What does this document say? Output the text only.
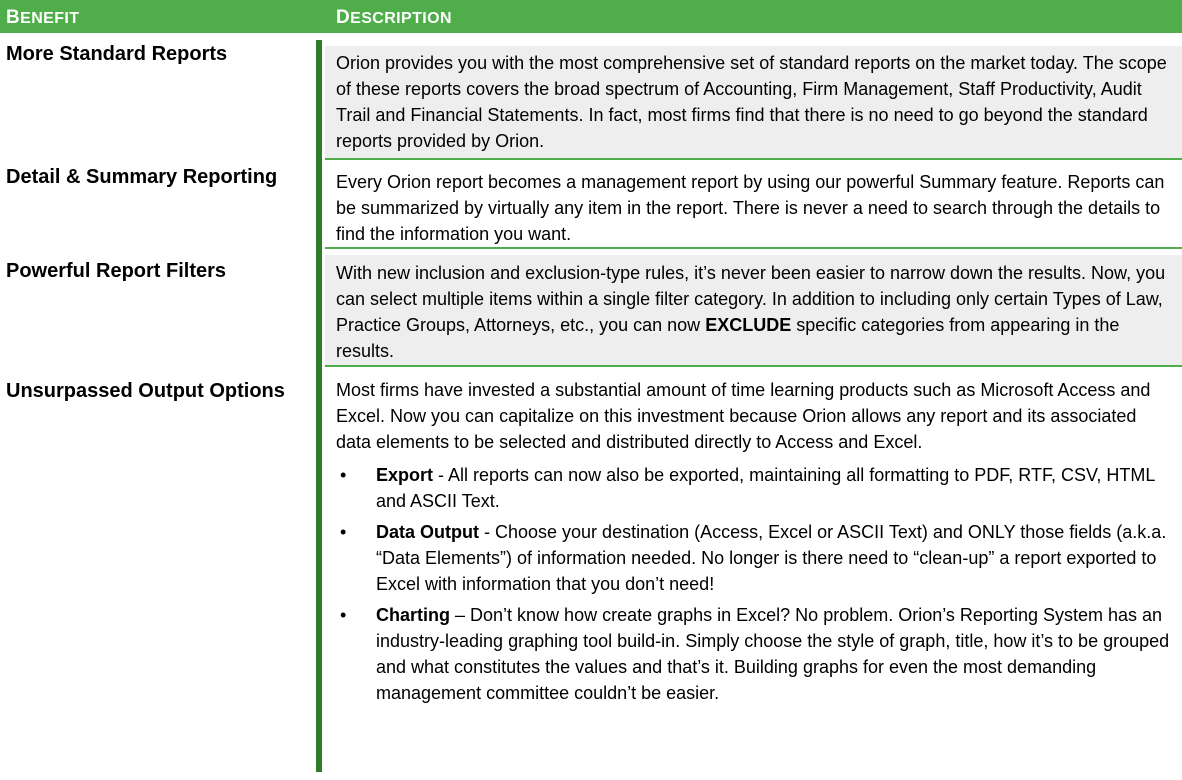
BENEFIT	DESCRIPTION
More Standard Reports	Orion provides you with the most comprehensive set of standard reports on the market today. The scope of these reports covers the broad spectrum of Accounting, Firm Management, Staff Productivity, Audit Trail and Financial Statements. In fact, most firms find that there is no need to go beyond the standard reports provided by Orion.
Detail & Summary Reporting	Every Orion report becomes a management report by using our powerful Summary feature. Reports can be summarized by virtually any item in the report. There is never a need to search through the details to find the information you want.
Powerful Report Filters	With new inclusion and exclusion-type rules, it’s never been easier to narrow down the results. Now, you can select multiple items within a single filter category. In addition to including only certain Types of Law, Practice Groups, Attorneys, etc., you can now EXCLUDE specific categories from appearing in the results.
Unsurpassed Output Options	Most firms have invested a substantial amount of time learning products such as Microsoft Access and Excel. Now you can capitalize on this investment because Orion allows any report and its associated data elements to be selected and distributed directly to Access and Excel.
• Export - All reports can now also be exported, maintaining all formatting to PDF, RTF, CSV, HTML and ASCII Text.
• Data Output - Choose your destination (Access, Excel or ASCII Text) and ONLY those fields (a.k.a. “Data Elements”) of information needed. No longer is there need to “clean-up” a report exported to Excel with information that you don’t need!
• Charting – Don’t know how create graphs in Excel? No problem. Orion’s Reporting System has an industry-leading graphing tool build-in. Simply choose the style of graph, title, how it’s to be grouped and what constitutes the values and that’s it. Building graphs for even the most demanding management committee couldn’t be easier.
